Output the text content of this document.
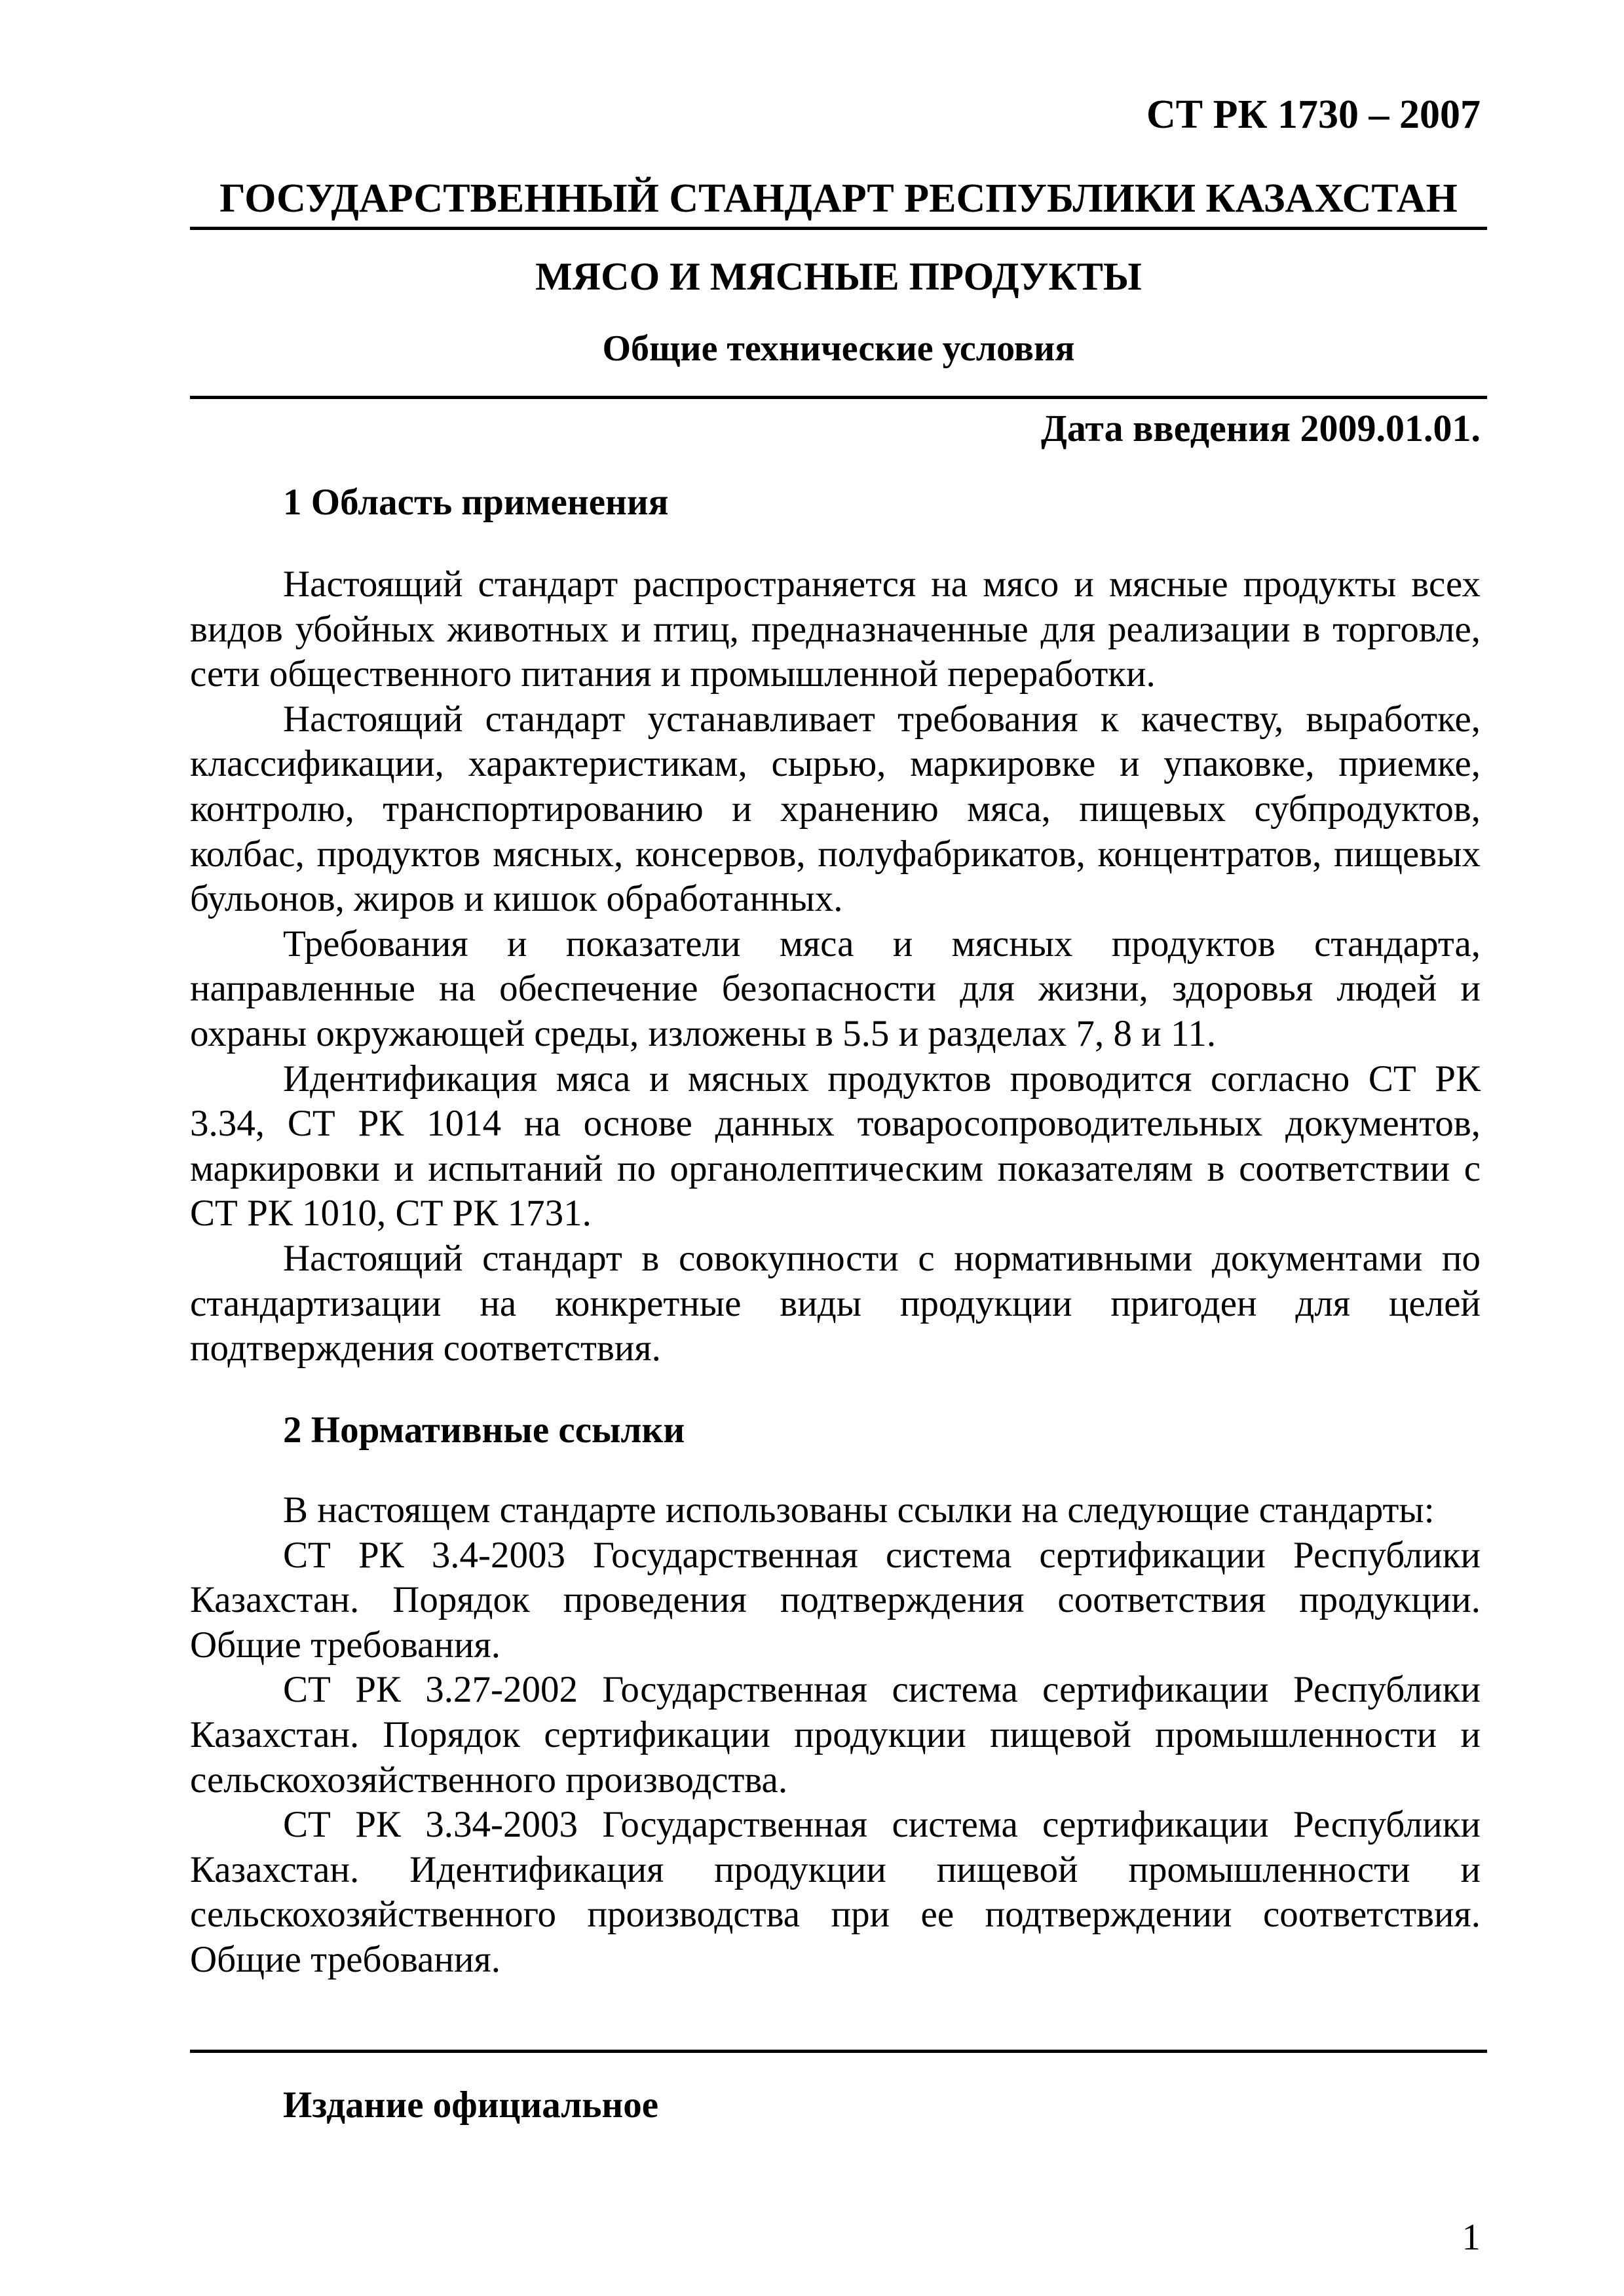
СТ РК 1730 – 2007
ГОСУДАРСТВЕННЫЙ СТАНДАРТ РЕСПУБЛИКИ КАЗАХСТАН
МЯСО И МЯСНЫЕ ПРОДУКТЫ
Общие технические условия
Дата введения 2009.01.01.
1 Область применения

Настоящий стандарт распространяется на мясо и мясные продукты всех видов убойных животных и птиц, предназначенные для реализации в торговле, сети общественного питания и промышленной переработки.

Настоящий стандарт устанавливает требования к качеству, выработке, классификации, характеристикам, сырью, маркировке и упаковке, приемке, контролю, транспортированию и хранению мяса, пищевых субпродуктов, колбас, продуктов мясных, консервов, полуфабрикатов, концентратов, пищевых бульонов, жиров и кишок обработанных.

Требования и показатели мяса и мясных продуктов стандарта, направленные на обеспечение безопасности для жизни, здоровья людей и охраны окружающей среды, изложены в 5.5 и разделах 7, 8 и 11.

Идентификация мяса и мясных продуктов проводится согласно СТ РК 3.34, СТ РК 1014 на основе данных товаросопроводительных документов, маркировки и испытаний по органолептическим показателям в соответствии с СТ РК 1010, СТ РК 1731.

Настоящий стандарт в совокупности с нормативными документами по стандартизации на конкретные виды продукции пригоден для целей подтверждения соответствия.

2 Нормативные ссылки

В настоящем стандарте использованы ссылки на следующие стандарты:

СТ РК 3.4-2003 Государственная система сертификации Республики Казахстан. Порядок проведения подтверждения соответствия продукции. Общие требования.

СТ РК 3.27-2002 Государственная система сертификации Республики Казахстан. Порядок сертификации продукции пищевой промышленности и сельскохозяйственного производства.

СТ РК 3.34-2003 Государственная система сертификации Республики Казахстан. Идентификация продукции пищевой промышленности и сельскохозяйственного производства при ее подтверждении соответствия. Общие требования.

Издание официальное
1
